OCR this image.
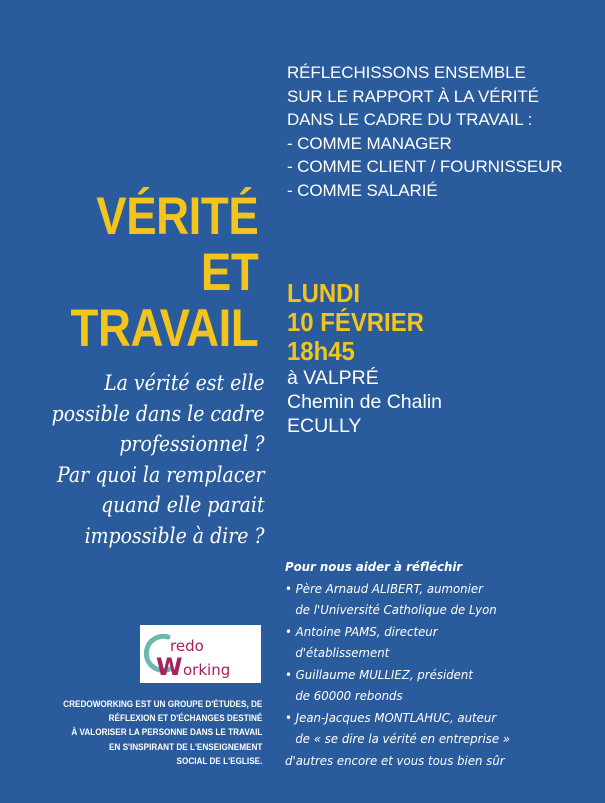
RÉFLECHISSONS ENSEMBLE
SUR LE RAPPORT À LA VÉRITÉ
DANS LE CADRE DU TRAVAIL :
- COMME MANAGER
- COMME CLIENT / FOURNISSEUR
- COMME SALARIÉ
VÉRITÉ
ET
TRAVAIL
La vérité est elle
possible dans le cadre
professionnel ?
Par quoi la remplacer
quand elle parait
impossible à dire ?
LUNDI
10 FÉVRIER
18h45
à VALPRÉ
Chemin de Chalin
ECULLY
Pour nous aider à réfléchir
• Père Arnaud ALIBERT, aumonier
de l'Université Catholique de Lyon
• Antoine PAMS, directeur
d'établissement
• Guillaume MULLIEZ, président
de 60000 rebonds
• Jean-Jacques MONTLAHUC, auteur
de « se dire la vérité en entreprise »
d'autres encore et vous tous bien sûr
redo
W orking
CREDOWORKING EST UN GROUPE D'ÉTUDES, DE
RÉFLEXION ET D'ÉCHANGES DESTINÉ
À VALORISER LA PERSONNE DANS LE TRAVAIL
EN S'INSPIRANT DE L'ENSEIGNEMENT
SOCIAL DE L'EGLISE.
